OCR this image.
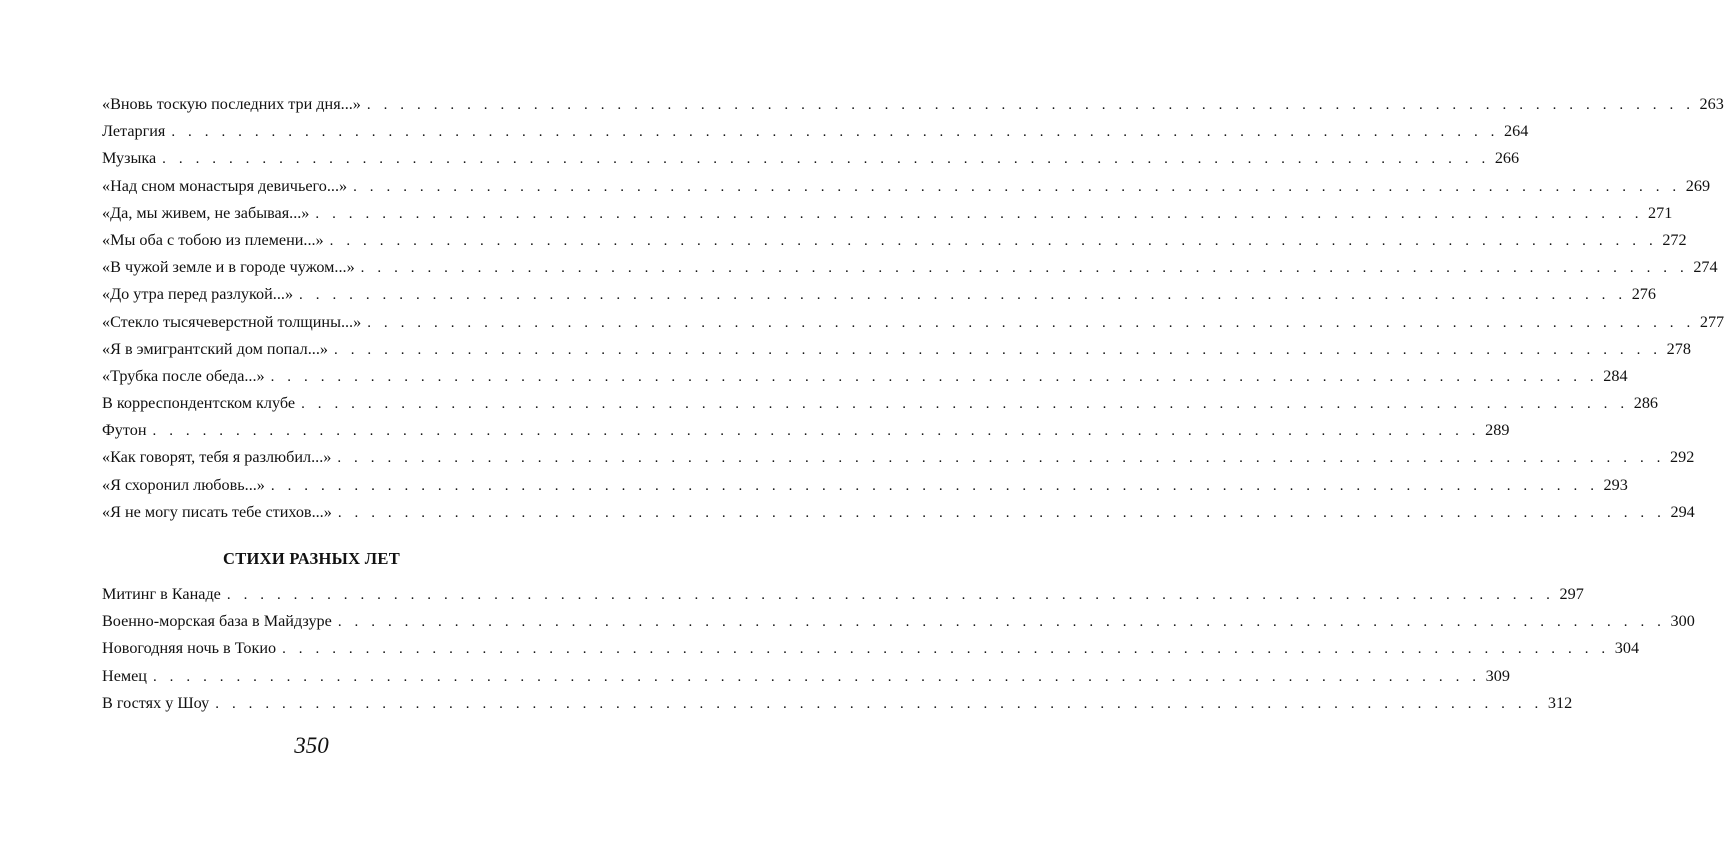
«Вновь тоскую последних три дня...» . . . . . . . . . . . . . . . . . . . . . . . . . . . . . . . . . . . . . . . . . . . . . . . . . . . . . . . . . . . . . . . . . . . . . . . . . . . . . . . . 263
Летаргия . . . . . . . . . . . . . . . . . . . . . . . . . . . . . . . . . . . . . . . . . . . . . . . . . . . . . . . . . . . . . . . . . . . . . . . . . . . . . . . . 264
Музыка . . . . . . . . . . . . . . . . . . . . . . . . . . . . . . . . . . . . . . . . . . . . . . . . . . . . . . . . . . . . . . . . . . . . . . . . . . . . . . . . 266
«Над сном монастыря девичьего...» . . . . . . . . . . . . . . . . . . . . . . . . . . . . . . . . . . . . . . . . . . . . . . . . . . . . . . . . . . . . . . . . . . . . . . . . . . . . . . . . 269
«Да, мы живем, не забывая...» . . . . . . . . . . . . . . . . . . . . . . . . . . . . . . . . . . . . . . . . . . . . . . . . . . . . . . . . . . . . . . . . . . . . . . . . . . . . . . . . 271
«Мы оба с тобою из племени...» . . . . . . . . . . . . . . . . . . . . . . . . . . . . . . . . . . . . . . . . . . . . . . . . . . . . . . . . . . . . . . . . . . . . . . . . . . . . . . . . 272
«В чужой земле и в городе чужом...» . . . . . . . . . . . . . . . . . . . . . . . . . . . . . . . . . . . . . . . . . . . . . . . . . . . . . . . . . . . . . . . . . . . . . . . . . . . . . . . . 274
«До утра перед разлукой...» . . . . . . . . . . . . . . . . . . . . . . . . . . . . . . . . . . . . . . . . . . . . . . . . . . . . . . . . . . . . . . . . . . . . . . . . . . . . . . . . 276
«Стекло тысячеверстной толщины...» . . . . . . . . . . . . . . . . . . . . . . . . . . . . . . . . . . . . . . . . . . . . . . . . . . . . . . . . . . . . . . . . . . . . . . . . . . . . . . . . 277
«Я в эмигрантский дом попал...» . . . . . . . . . . . . . . . . . . . . . . . . . . . . . . . . . . . . . . . . . . . . . . . . . . . . . . . . . . . . . . . . . . . . . . . . . . . . . . . . 278
«Трубка после обеда...» . . . . . . . . . . . . . . . . . . . . . . . . . . . . . . . . . . . . . . . . . . . . . . . . . . . . . . . . . . . . . . . . . . . . . . . . . . . . . . . . 284
В корреспондентском клубе . . . . . . . . . . . . . . . . . . . . . . . . . . . . . . . . . . . . . . . . . . . . . . . . . . . . . . . . . . . . . . . . . . . . . . . . . . . . . . . . 286
Футон . . . . . . . . . . . . . . . . . . . . . . . . . . . . . . . . . . . . . . . . . . . . . . . . . . . . . . . . . . . . . . . . . . . . . . . . . . . . . . . . 289
«Как говорят, тебя я разлюбил...» . . . . . . . . . . . . . . . . . . . . . . . . . . . . . . . . . . . . . . . . . . . . . . . . . . . . . . . . . . . . . . . . . . . . . . . . . . . . . . . . 292
«Я схоронил любовь...» . . . . . . . . . . . . . . . . . . . . . . . . . . . . . . . . . . . . . . . . . . . . . . . . . . . . . . . . . . . . . . . . . . . . . . . . . . . . . . . . 293
«Я не могу писать тебе стихов...» . . . . . . . . . . . . . . . . . . . . . . . . . . . . . . . . . . . . . . . . . . . . . . . . . . . . . . . . . . . . . . . . . . . . . . . . . . . . . . . . 294
СТИХИ РАЗНЫХ ЛЕТ
Митинг в Канаде . . . . . . . . . . . . . . . . . . . . . . . . . . . . . . . . . . . . . . . . . . . . . . . . . . . . . . . . . . . . . . . . . . . . . . . . . . . . . . . . 297
Военно-морская база в Майдзуре . . . . . . . . . . . . . . . . . . . . . . . . . . . . . . . . . . . . . . . . . . . . . . . . . . . . . . . . . . . . . . . . . . . . . . . . . . . . . . . . 300
Новогодняя ночь в Токио . . . . . . . . . . . . . . . . . . . . . . . . . . . . . . . . . . . . . . . . . . . . . . . . . . . . . . . . . . . . . . . . . . . . . . . . . . . . . . . . 304
Немец . . . . . . . . . . . . . . . . . . . . . . . . . . . . . . . . . . . . . . . . . . . . . . . . . . . . . . . . . . . . . . . . . . . . . . . . . . . . . . . . 309
В гостях у Шоу . . . . . . . . . . . . . . . . . . . . . . . . . . . . . . . . . . . . . . . . . . . . . . . . . . . . . . . . . . . . . . . . . . . . . . . . . . . . . . . . 312
350
